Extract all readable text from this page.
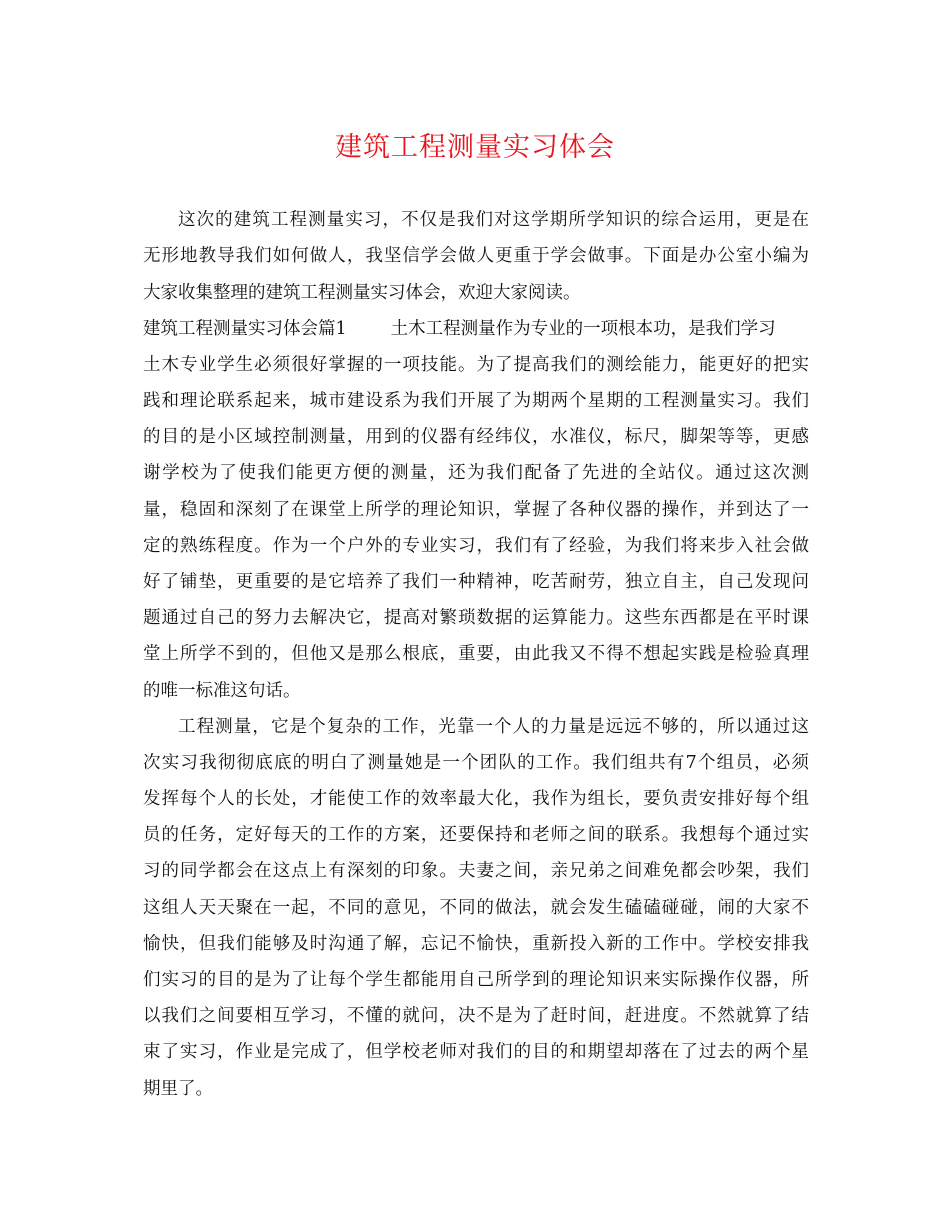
建筑工程测量实习体会
这次的建筑工程测量实习，不仅是我们对这学期所学知识的综合运用，更是在
无形地教导我们如何做人，我坚信学会做人更重于学会做事。下面是办公室小编为
大家收集整理的建筑工程测量实习体会，欢迎大家阅读。
建筑工程测量实习体会篇1	土木工程测量作为专业的一项根本功，是我们学习
土木专业学生必须很好掌握的一项技能。为了提高我们的测绘能力，能更好的把实
践和理论联系起来，城市建设系为我们开展了为期两个星期的工程测量实习。我们
的目的是小区域控制测量，用到的仪器有经纬仪，水准仪，标尺，脚架等等，更感
谢学校为了使我们能更方便的测量，还为我们配备了先进的全站仪。通过这次测
量，稳固和深刻了在课堂上所学的理论知识，掌握了各种仪器的操作，并到达了一
定的熟练程度。作为一个户外的专业实习，我们有了经验，为我们将来步入社会做
好了铺垫，更重要的是它培养了我们一种精神，吃苦耐劳，独立自主，自己发现问
题通过自己的努力去解决它，提高对繁琐数据的运算能力。这些东西都是在平时课
堂上所学不到的，但他又是那么根底，重要，由此我又不得不想起实践是检验真理
的唯一标准这句话。
工程测量，它是个复杂的工作，光靠一个人的力量是远远不够的，所以通过这
次实习我彻彻底底的明白了测量她是一个团队的工作。我们组共有7个组员，必须
发挥每个人的长处，才能使工作的效率最大化，我作为组长，要负责安排好每个组
员的任务，定好每天的工作的方案，还要保持和老师之间的联系。我想每个通过实
习的同学都会在这点上有深刻的印象。夫妻之间，亲兄弟之间难免都会吵架，我们
这组人天天聚在一起，不同的意见，不同的做法，就会发生磕磕碰碰，闹的大家不
愉快，但我们能够及时沟通了解，忘记不愉快，重新投入新的工作中。学校安排我
们实习的目的是为了让每个学生都能用自己所学到的理论知识来实际操作仪器，所
以我们之间要相互学习，不懂的就问，决不是为了赶时间，赶进度。不然就算了结
束了实习，作业是完成了，但学校老师对我们的目的和期望却落在了过去的两个星
期里了。
